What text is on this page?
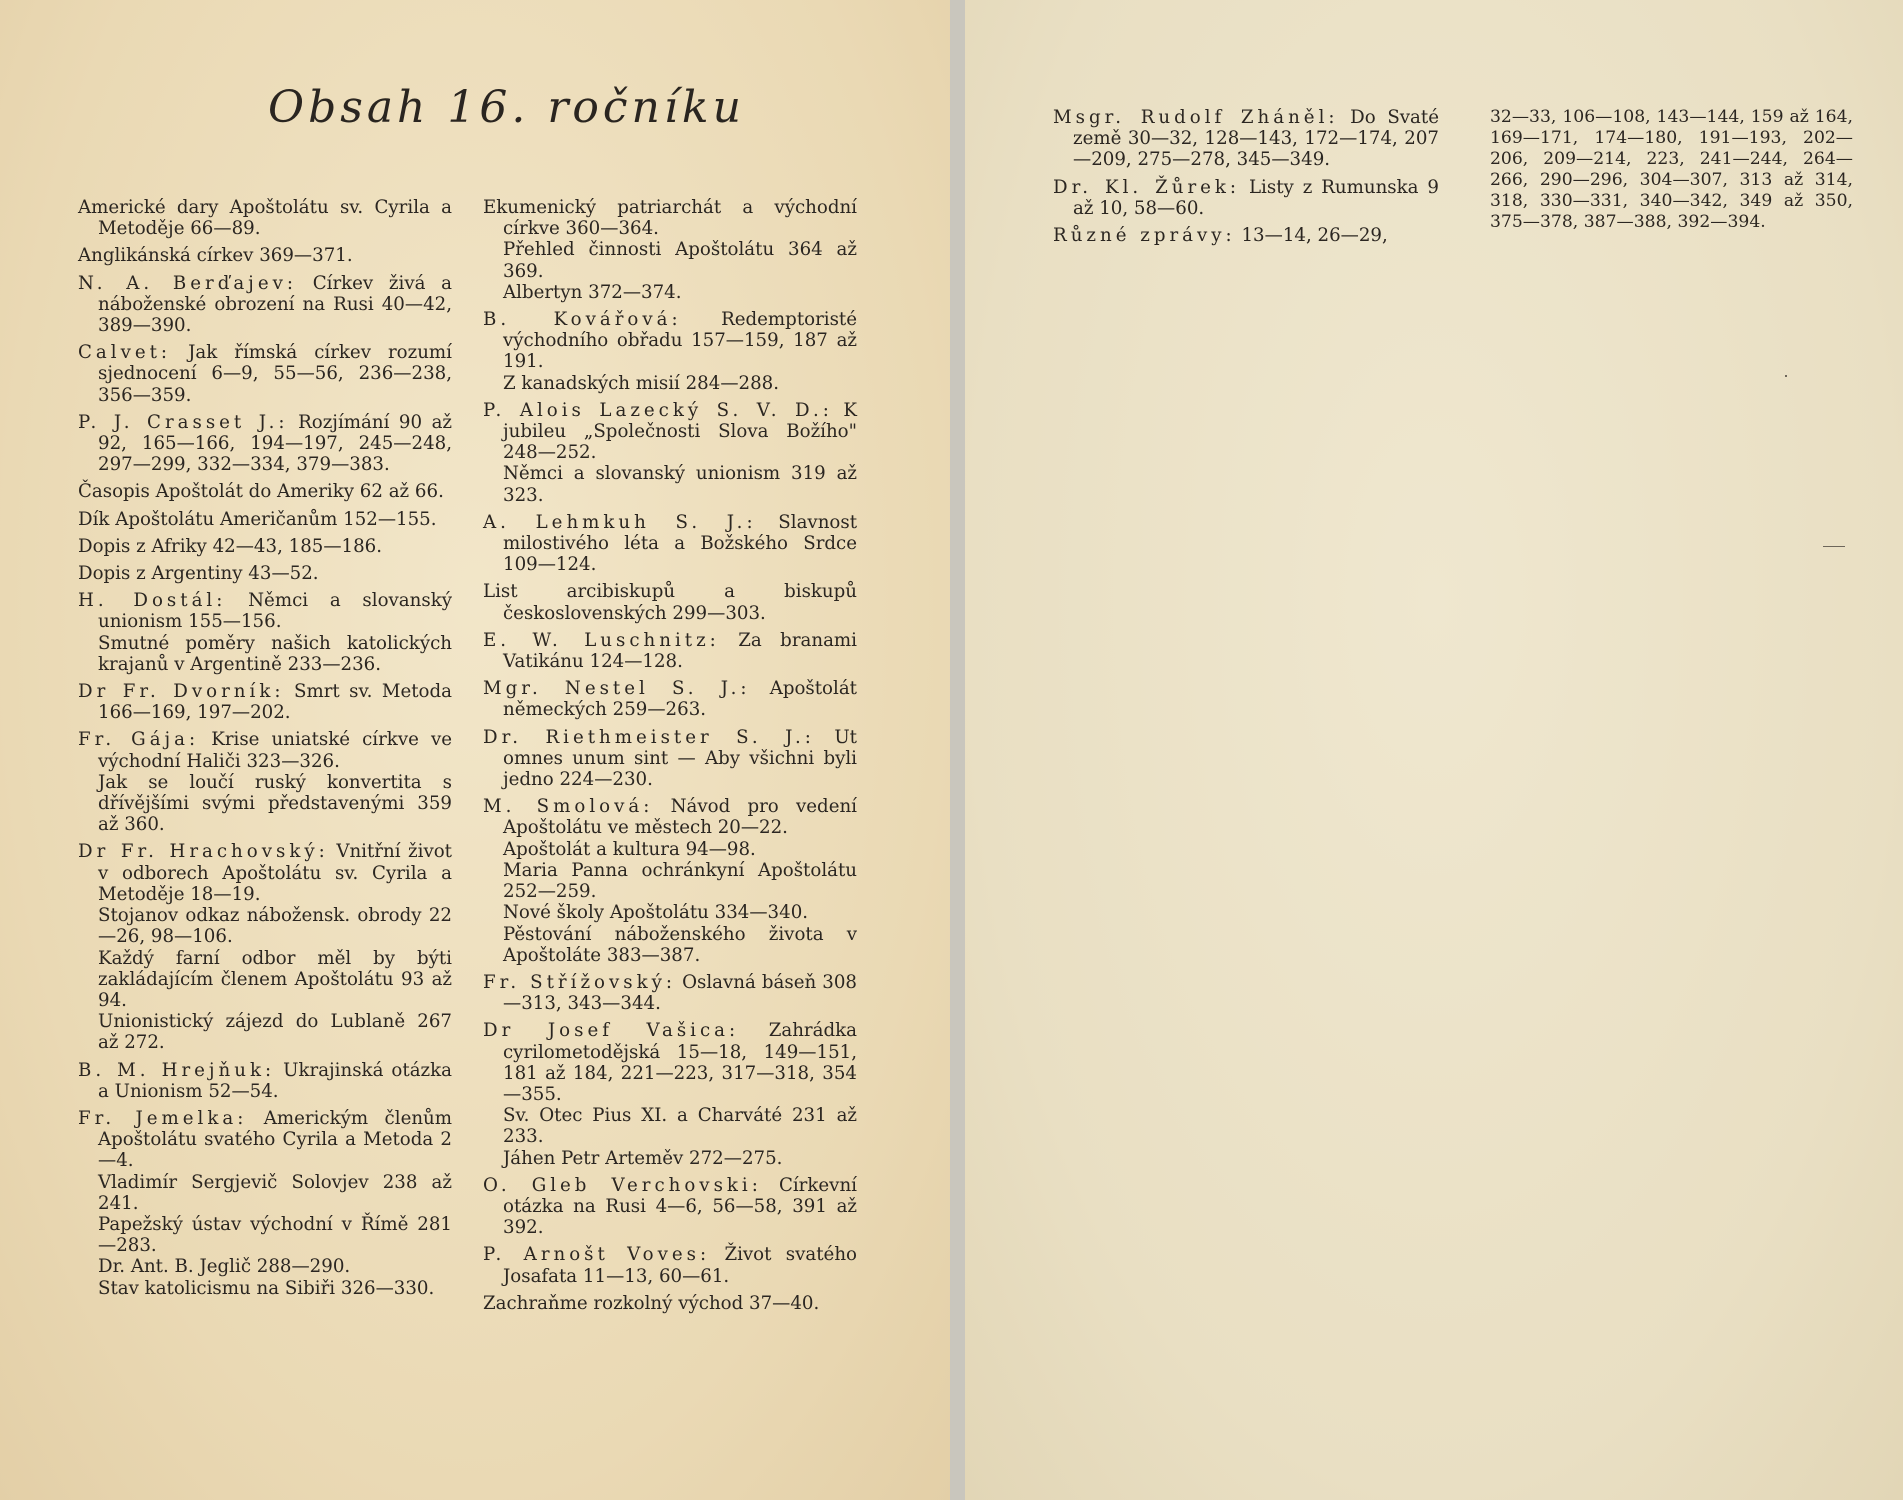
Obsah 16. ročníku
Americké dary Apoštolátu sv. Cyrila a Metoděje 66—89.
Anglikánská církev 369—371.
N. A. Berďajev: Církev živá a náboženské obrození na Rusi 40—42, 389—390.
Calvet: Jak římská církev rozumí sjednocení 6—9, 55—56, 236—238, 356—359.
P. J. Crasset J.: Rozjímání 90 až 92, 165—166, 194—197, 245—248, 297—299, 332—334, 379—383.
Časopis Apoštolát do Ameriky 62 až 66.
Dík Apoštolátu Američanům 152—155.
Dopis z Afriky 42—43, 185—186.
Dopis z Argentiny 43—52.
H. Dostál: Němci a slovanský unionism 155—156.
Smutné poměry našich katolických krajanů v Argentině 233—236.
Dr Fr. Dvorník: Smrt sv. Metoda 166—169, 197—202.
Fr. Gája: Krise uniatské církve ve východní Haliči 323—326.
Jak se loučí ruský konvertita s dřívějšími svými představenými 359 až 360.
Dr Fr. Hrachovský: Vnitřní život v odborech Apoštolátu sv. Cyrila a Metoděje 18—19.
Stojanov odkaz nábožensk. obrody 22—26, 98—106.
Každý farní odbor měl by býti zakládajícím členem Apoštolátu 93 až 94.
Unionistický zájezd do Lublaně 267 až 272.
B. M. Hrejňuk: Ukrajinská otázka a Unionism 52—54.
Fr. Jemelka: Americkým členům Apoštolátu svatého Cyrila a Metoda 2—4.
Vladimír Sergjevič Solovjev 238 až 241.
Papežský ústav východní v Římě 281—283.
Dr. Ant. B. Jeglič 288—290.
Stav katolicismu na Sibiři 326—330.
Ekumenický patriarchát a východní církve 360—364.
Přehled činnosti Apoštolátu 364 až 369.
Albertyn 372—374.
B. Kovářová: Redemptoristé východního obřadu 157—159, 187 až 191.
Z kanadských misií 284—288.
P. Alois Lazecký S. V. D.: K jubileu „Společnosti Slova Božího" 248—252.
Němci a slovanský unionism 319 až 323.
A. Lehmkuh S. J.: Slavnost milostivého léta a Božského Srdce 109—124.
List arcibiskupů a biskupů československých 299—303.
E. W. Luschnitz: Za branami Vatikánu 124—128.
Mgr. Nestel S. J.: Apoštolát německých 259—263.
Dr. Riethmeister S. J.: Ut omnes unum sint — Aby všichni byli jedno 224—230.
M. Smolová: Návod pro vedení Apoštolátu ve městech 20—22.
Apoštolát a kultura 94—98.
Maria Panna ochránkyní Apoštolátu 252—259.
Nové školy Apoštolátu 334—340.
Pěstování náboženského života v Apoštoláte 383—387.
Fr. Střížovský: Oslavná báseň 308—313, 343—344.
Dr Josef Vašica: Zahrádka cyrilometodějská 15—18, 149—151, 181 až 184, 221—223, 317—318, 354—355.
Sv. Otec Pius XI. a Charváté 231 až 233.
Jáhen Petr Arteměv 272—275.
O. Gleb Verchovski: Církevní otázka na Rusi 4—6, 56—58, 391 až 392.
P. Arnošt Voves: Život svatého Josafata 11—13, 60—61.
Zachraňme rozkolný východ 37—40.
Msgr. Rudolf Zháněl: Do Svaté země 30—32, 128—143, 172—174, 207—209, 275—278, 345—349.
Dr. Kl. Žůrek: Listy z Rumunska 9 až 10, 58—60.
Různé zprávy: 13—14, 26—29,
32—33, 106—108, 143—144, 159 až 164, 169—171, 174—180, 191—193, 202—206, 209—214, 223, 241—244, 264—266, 290—296, 304—307, 313 až 314, 318, 330—331, 340—342, 349 až 350, 375—378, 387—388, 392—394.
